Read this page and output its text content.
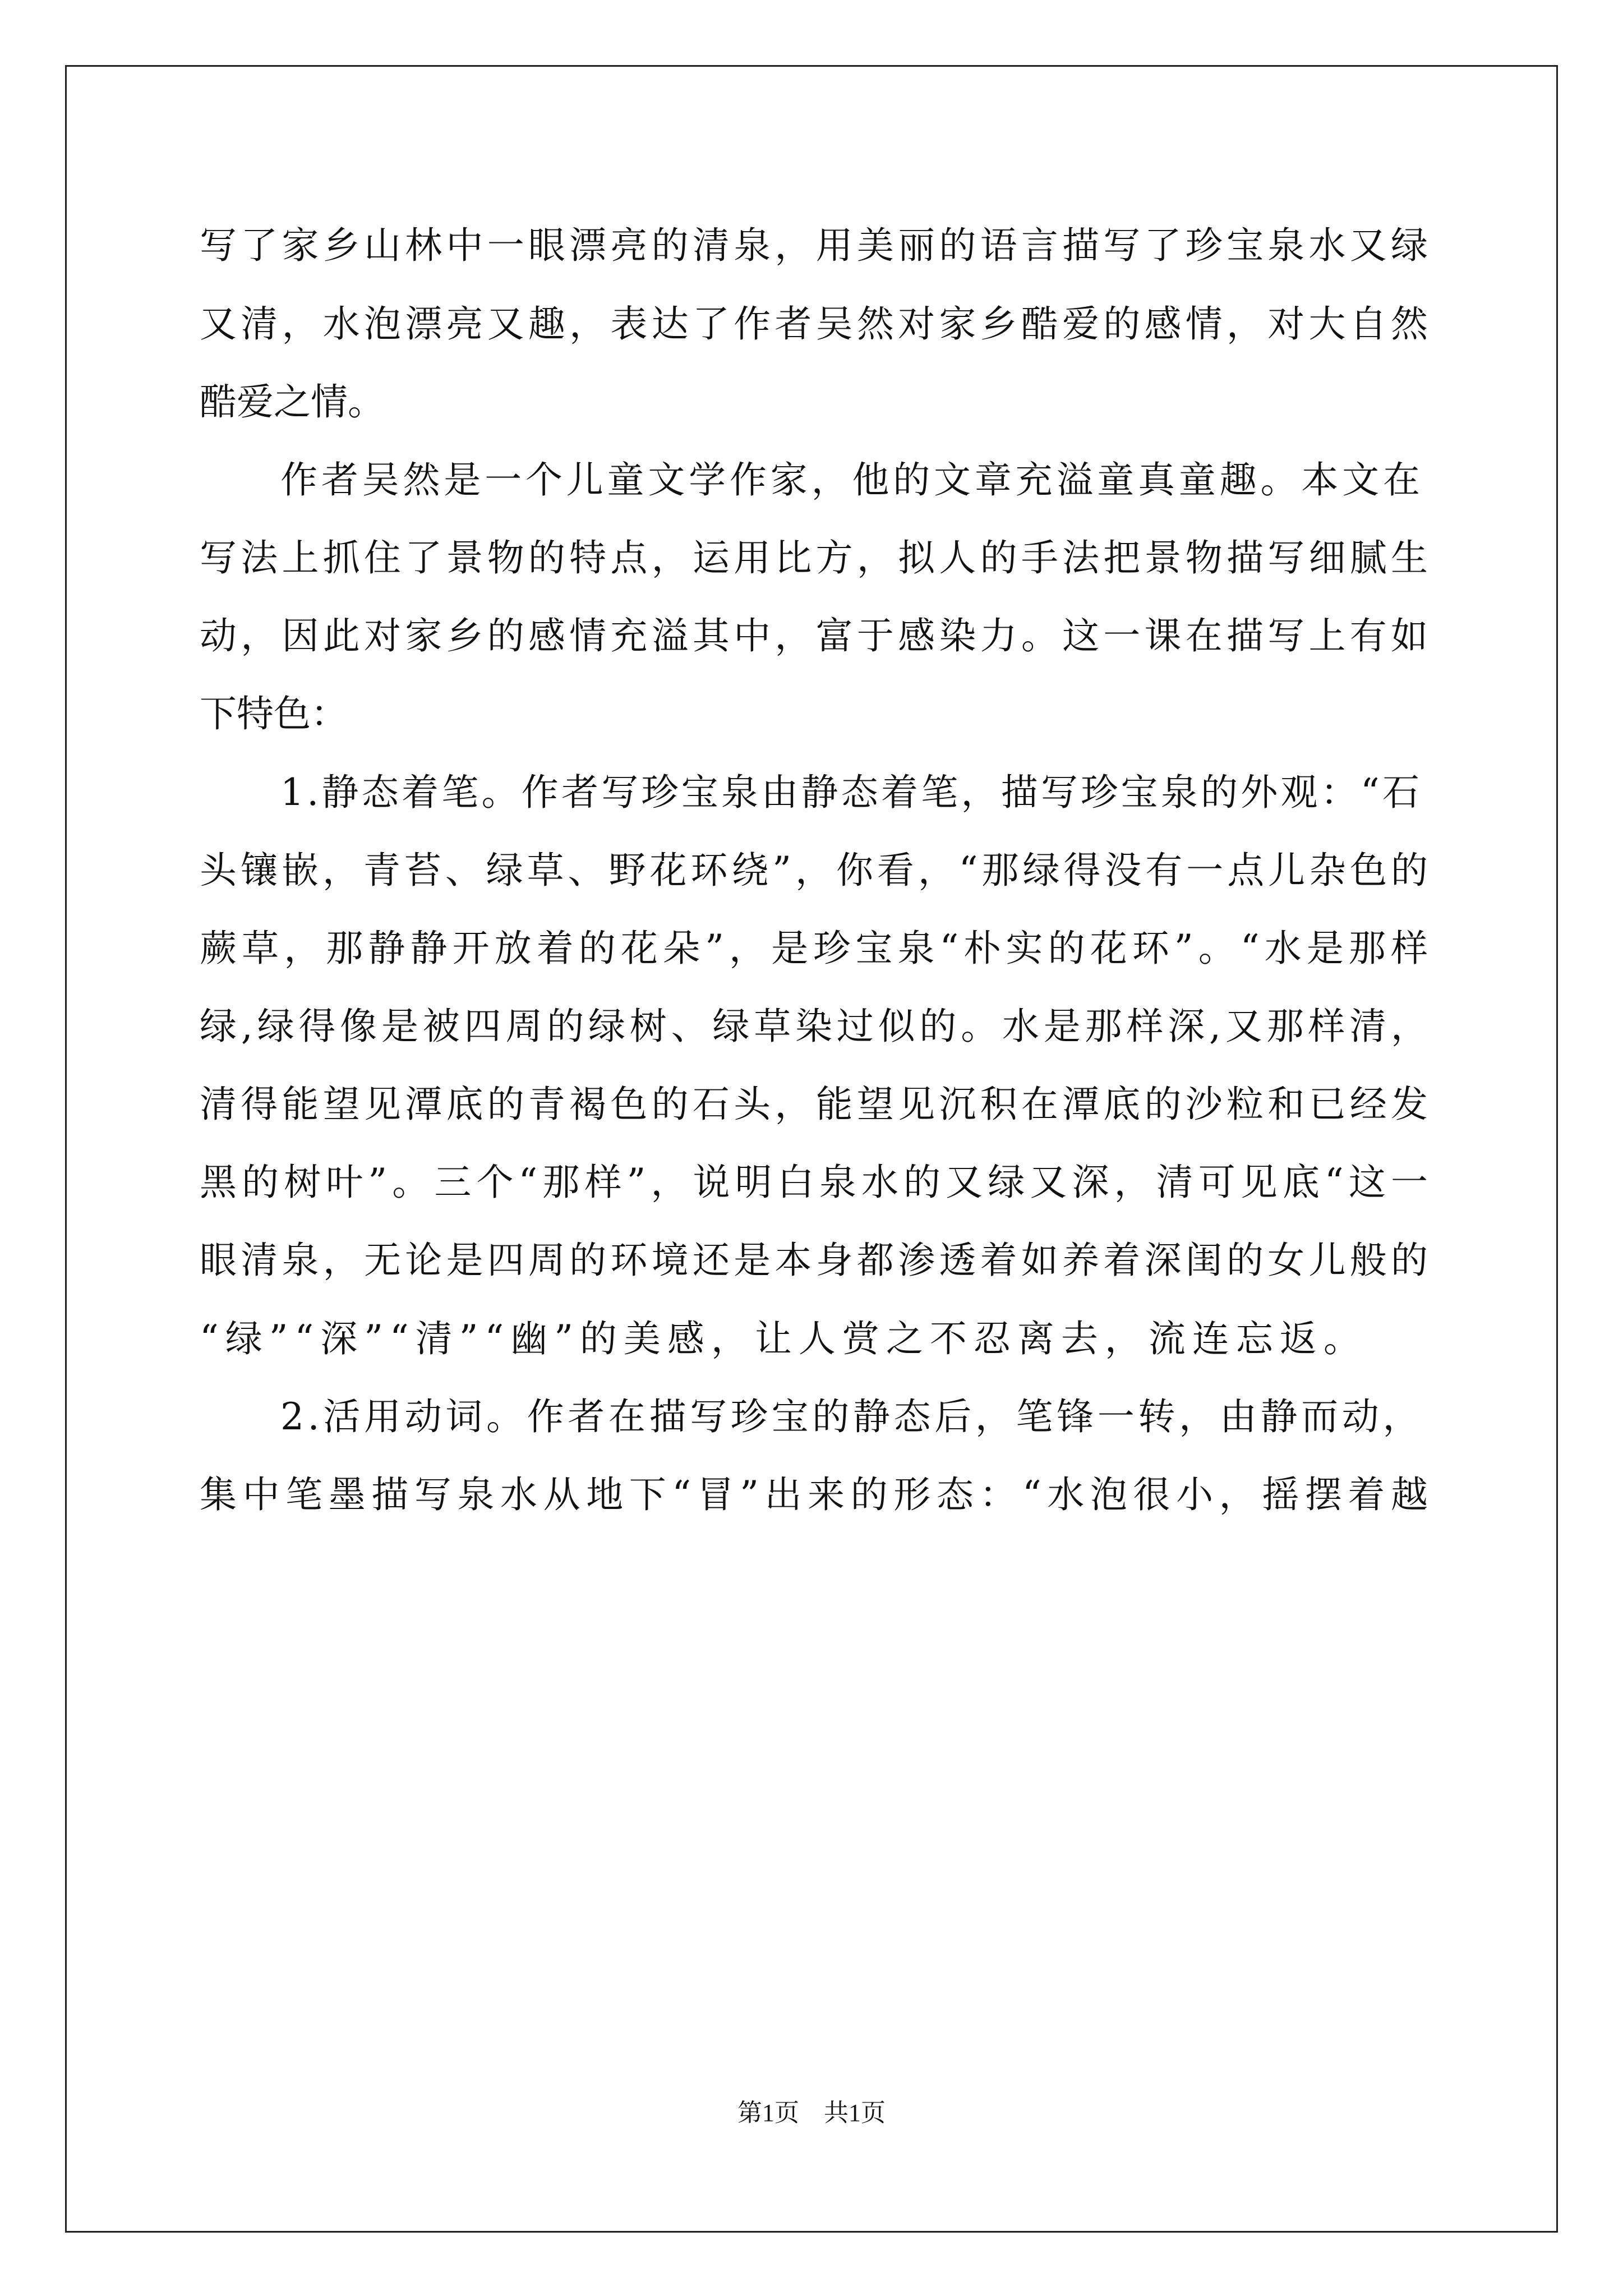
写了家乡山林中一眼漂亮的清泉，用美丽的语言描写了珍宝泉水又绿
又清，水泡漂亮又趣，表达了作者吴然对家乡酷爱的感情，对大自然
酷爱之情。
作者吴然是一个儿童文学作家，他的文章充溢童真童趣。本文在
写法上抓住了景物的特点，运用比方，拟人的手法把景物描写细腻生
动，因此对家乡的感情充溢其中，富于感染力。这一课在描写上有如
下特色：
1.静态着笔。作者写珍宝泉由静态着笔，描写珍宝泉的外观：“石
头镶嵌，青苔、绿草、野花环绕”，你看，“那绿得没有一点儿杂色的
蕨草，那静静开放着的花朵”，是珍宝泉“朴实的花环”。“水是那样
绿,绿得像是被四周的绿树、绿草染过似的。水是那样深,又那样清，
清得能望见潭底的青褐色的石头，能望见沉积在潭底的沙粒和已经发
黑的树叶”。三个“那样”，说明白泉水的又绿又深，清可见底“这一
眼清泉，无论是四周的环境还是本身都渗透着如养着深闺的女儿般的
“绿”“深”“清”“幽”的美感，让人赏之不忍离去，流连忘返。
2.活用动词。作者在描写珍宝的静态后，笔锋一转，由静而动，
集中笔墨描写泉水从地下“冒”出来的形态：“水泡很小，摇摆着越
第1页　共1页
